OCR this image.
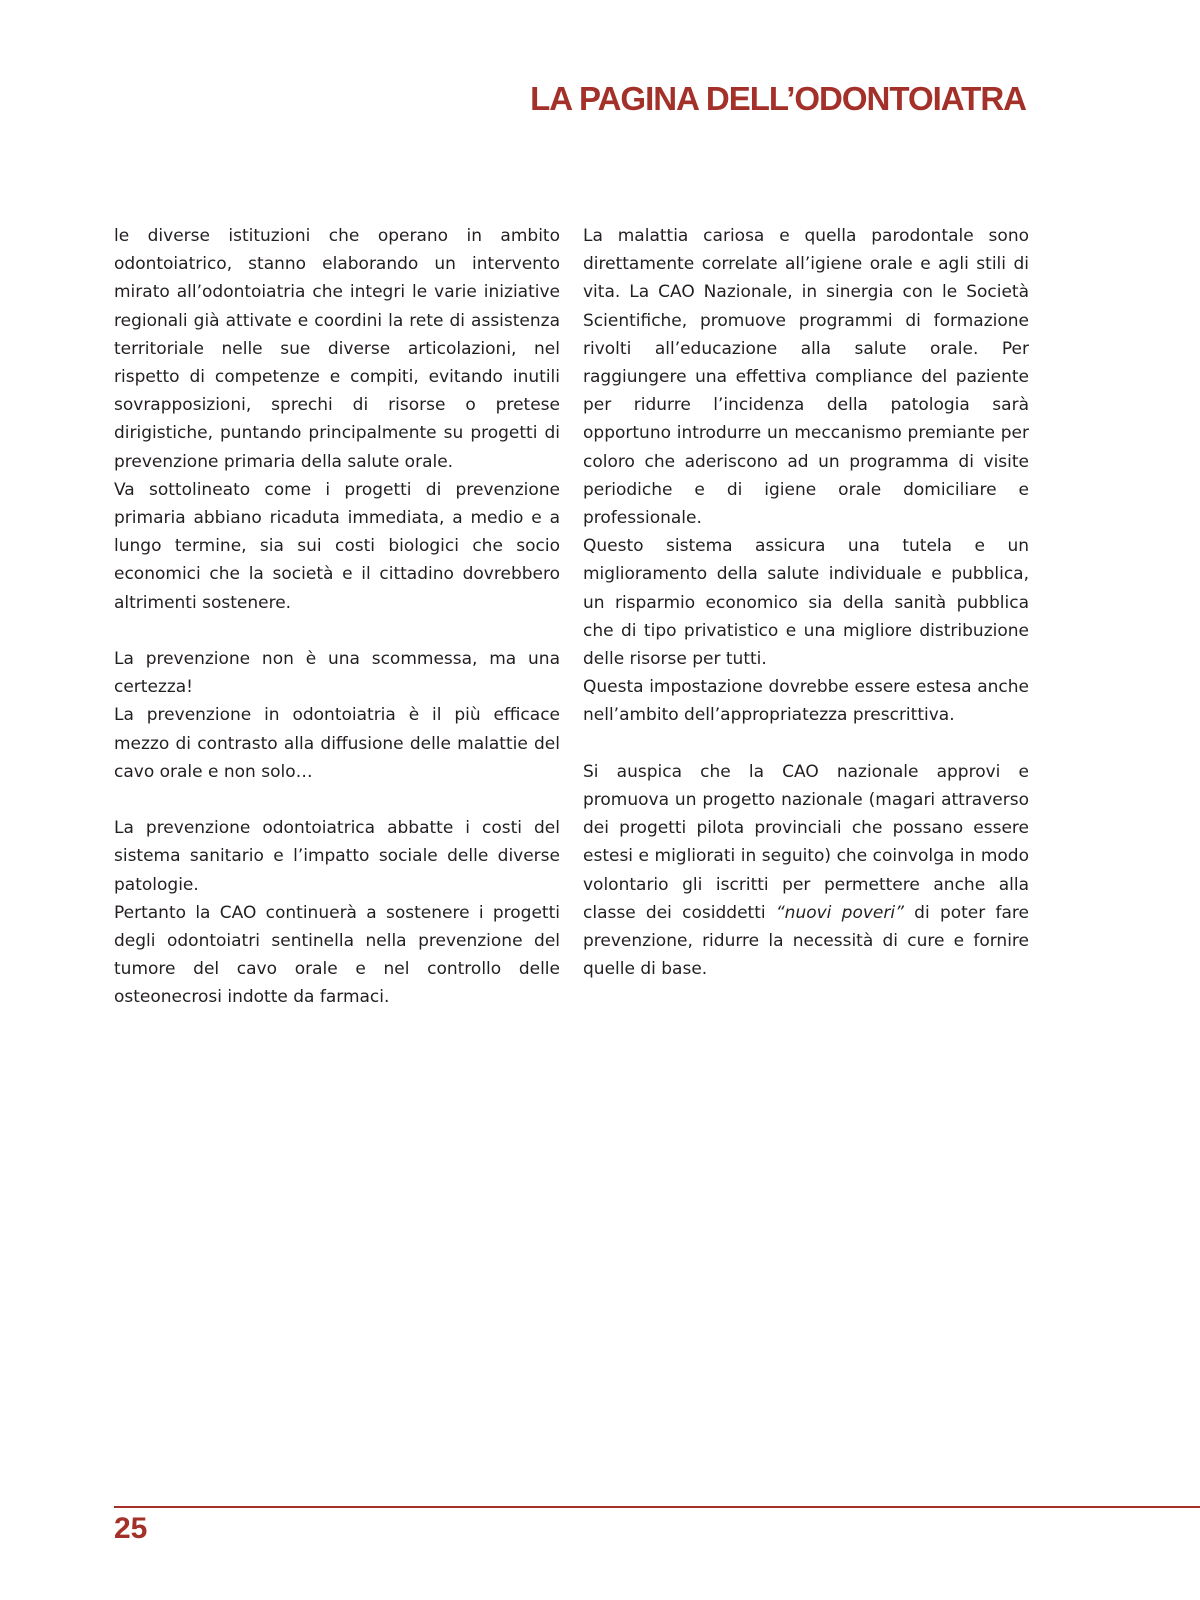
LA PAGINA DELL’ODONTOIATRA

le diverse istituzioni che operano in ambito odontoiatrico, stanno elaborando un intervento mirato all’odontoiatria che integri le varie iniziative regionali già attivate e coordini la rete di assistenza territoriale nelle sue diverse articolazioni, nel rispetto di competenze e compiti, evitando inutili sovrapposizioni, sprechi di risorse o pretese dirigistiche, puntando principalmente su progetti di prevenzione primaria della salute orale.

Va sottolineato come i progetti di prevenzione primaria abbiano ricaduta immediata, a medio e a lungo termine, sia sui costi biologici che socio economici che la società e il cittadino dovrebbero altrimenti sostenere.

La prevenzione non è una scommessa, ma una certezza!

La prevenzione in odontoiatria è il più efficace mezzo di contrasto alla diffusione delle malattie del cavo orale e non solo…

La prevenzione odontoiatrica abbatte i costi del sistema sanitario e l’impatto sociale delle diverse patologie.

Pertanto la CAO continuerà a sostenere i progetti degli odontoiatri sentinella nella prevenzione del tumore del cavo orale e nel controllo delle osteonecrosi indotte da farmaci.

La malattia cariosa e quella parodontale sono direttamente correlate all’igiene orale e agli stili di vita. La CAO Nazionale, in sinergia con le Società Scientifiche, promuove programmi di formazione rivolti all’educazione alla salute orale. Per raggiungere una effettiva compliance del paziente per ridurre l’incidenza della patologia sarà opportuno introdurre un meccanismo premiante per coloro che aderiscono ad un programma di visite periodiche e di igiene orale domiciliare e professionale.

Questo sistema assicura una tutela e un miglioramento della salute individuale e pubblica, un risparmio economico sia della sanità pubblica che di tipo privatistico e una migliore distribuzione delle risorse per tutti.

Questa impostazione dovrebbe essere estesa anche nell’ambito dell’appropriatezza prescrittiva.

Si auspica che la CAO nazionale approvi e promuova un progetto nazionale (magari attraverso dei progetti pilota provinciali che possano essere estesi e migliorati in seguito) che coinvolga in modo volontario gli iscritti per permettere anche alla classe dei cosiddetti “nuovi poveri” di poter fare prevenzione, ridurre la necessità di cure e fornire quelle di base.

25
